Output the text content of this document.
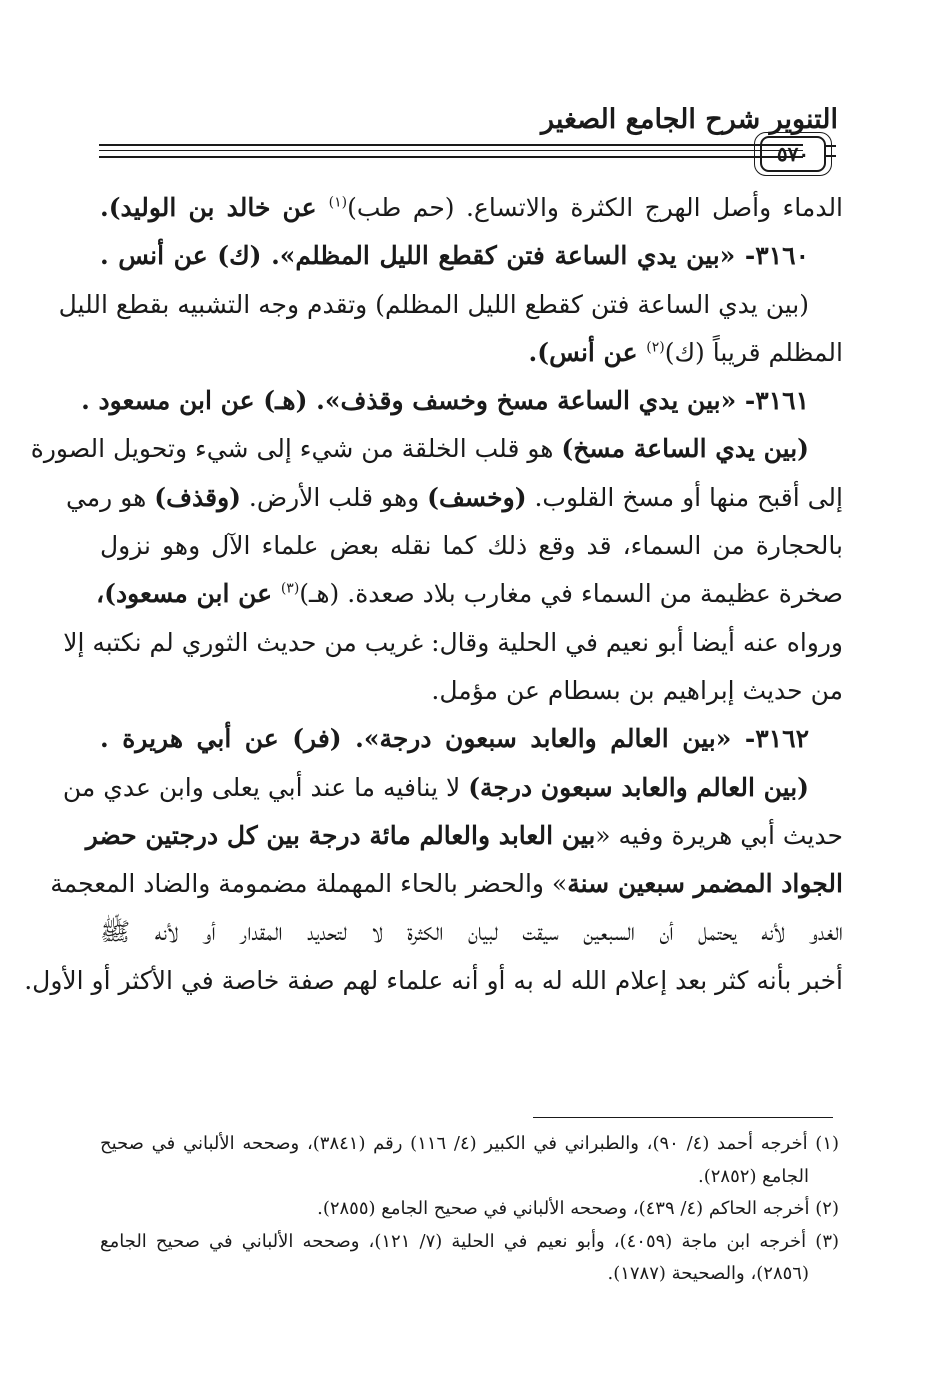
التنوير شرح الجامع الصغير
٥٧٠
الدماء وأصل الهرج الكثرة والاتساع. (حم طب)$^{(١)}$ عن خالد بن الوليد).
٣١٦٠- «بين يدي الساعة فتن كقطع الليل المظلم». (ك) عن أنس .
(بين يدي الساعة فتن كقطع الليل المظلم) وتقدم وجه التشبيه بقطع الليل
المظلم قريباً (ك)$^{(٢)}$ عن أنس).
٣١٦١- «بين يدي الساعة مسخ وخسف وقذف». (هـ) عن ابن مسعود .
(بين يدي الساعة مسخ) هو قلب الخلقة من شيء إلى شيء وتحويل الصورة
إلى أقبح منها أو مسخ القلوب. (وخسف) وهو قلب الأرض. (وقذف) هو رمي
بالحجارة من السماء، قد وقع ذلك كما نقله بعض علماء الآل وهو نزول
صخرة عظيمة من السماء في مغارب بلاد صعدة. (هـ)$^{(٣)}$ عن ابن مسعود)،
ورواه عنه أيضا أبو نعيم في الحلية وقال: غريب من حديث الثوري لم نكتبه إلا
من حديث إبراهيم بن بسطام عن مؤمل.
٣١٦٢- «بين العالم والعابد سبعون درجة». (فر) عن أبي هريرة .
(بين العالم والعابد سبعون درجة) لا ينافيه ما عند أبي يعلى وابن عدي من
حديث أبي هريرة وفيه «بين العابد والعالم مائة درجة بين كل درجتين حضر
الجواد المضمر سبعين سنة» والحضر بالحاء المهملة مضمومة والضاد المعجمة
الغدو لأنه يحتمل أن السبعين سيقت لبيان الكثرة لا لتحديد المقدار أو لأنه ﷺ
أخبر بأنه كثر بعد إعلام الله له به أو أنه علماء لهم صفة خاصة في الأكثر أو الأول.
(١) أخرجه أحمد (٤/ ٩٠)، والطبراني في الكبير (٤/ ١١٦) رقم (٣٨٤١)، وصححه الألباني في صحيح
الجامع (٢٨٥٢).
(٢) أخرجه الحاكم (٤/ ٤٣٩)، وصححه الألباني في صحيح الجامع (٢٨٥٥).
(٣) أخرجه ابن ماجة (٤٠٥٩)، وأبو نعيم في الحلية (٧/ ١٢١)، وصححه الألباني في صحيح الجامع
(٢٨٥٦)، والصحيحة (١٧٨٧).
